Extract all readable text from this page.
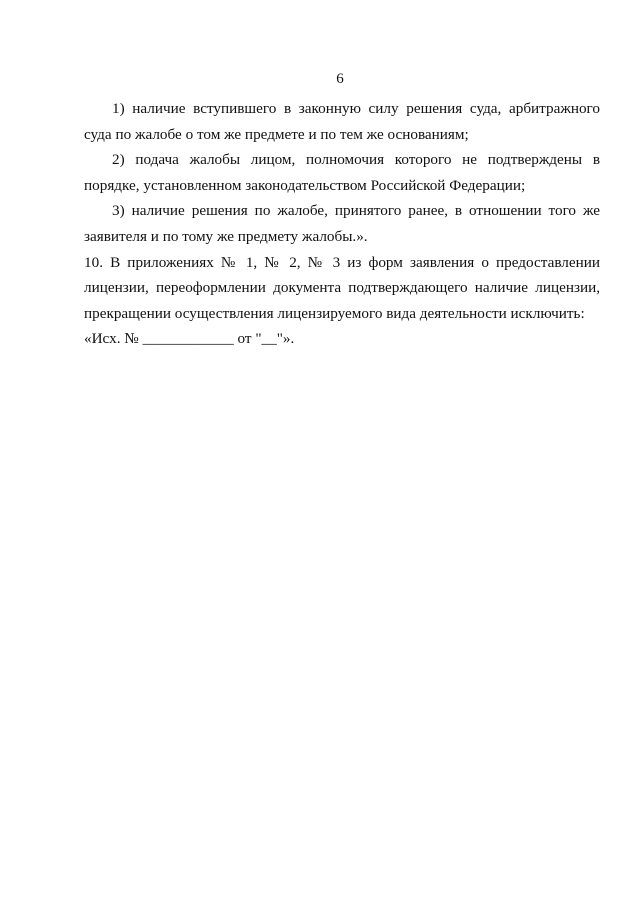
6

1) наличие вступившего в законную силу решения суда, арбитражного суда по жалобе о том же предмете и по тем же основаниям;

2) подача жалобы лицом, полномочия которого не подтверждены в порядке, установленном законодательством Российской Федерации;

3) наличие решения по жалобе, принятого ранее, в отношении того же заявителя и по тому же предмету жалобы.».

10. В приложениях № 1, № 2, № 3 из форм заявления о предоставлении лицензии, переоформлении документа подтверждающего наличие лицензии, прекращении осуществления лицензируемого вида деятельности исключить:

«Исх. № ____________ от "__"».
